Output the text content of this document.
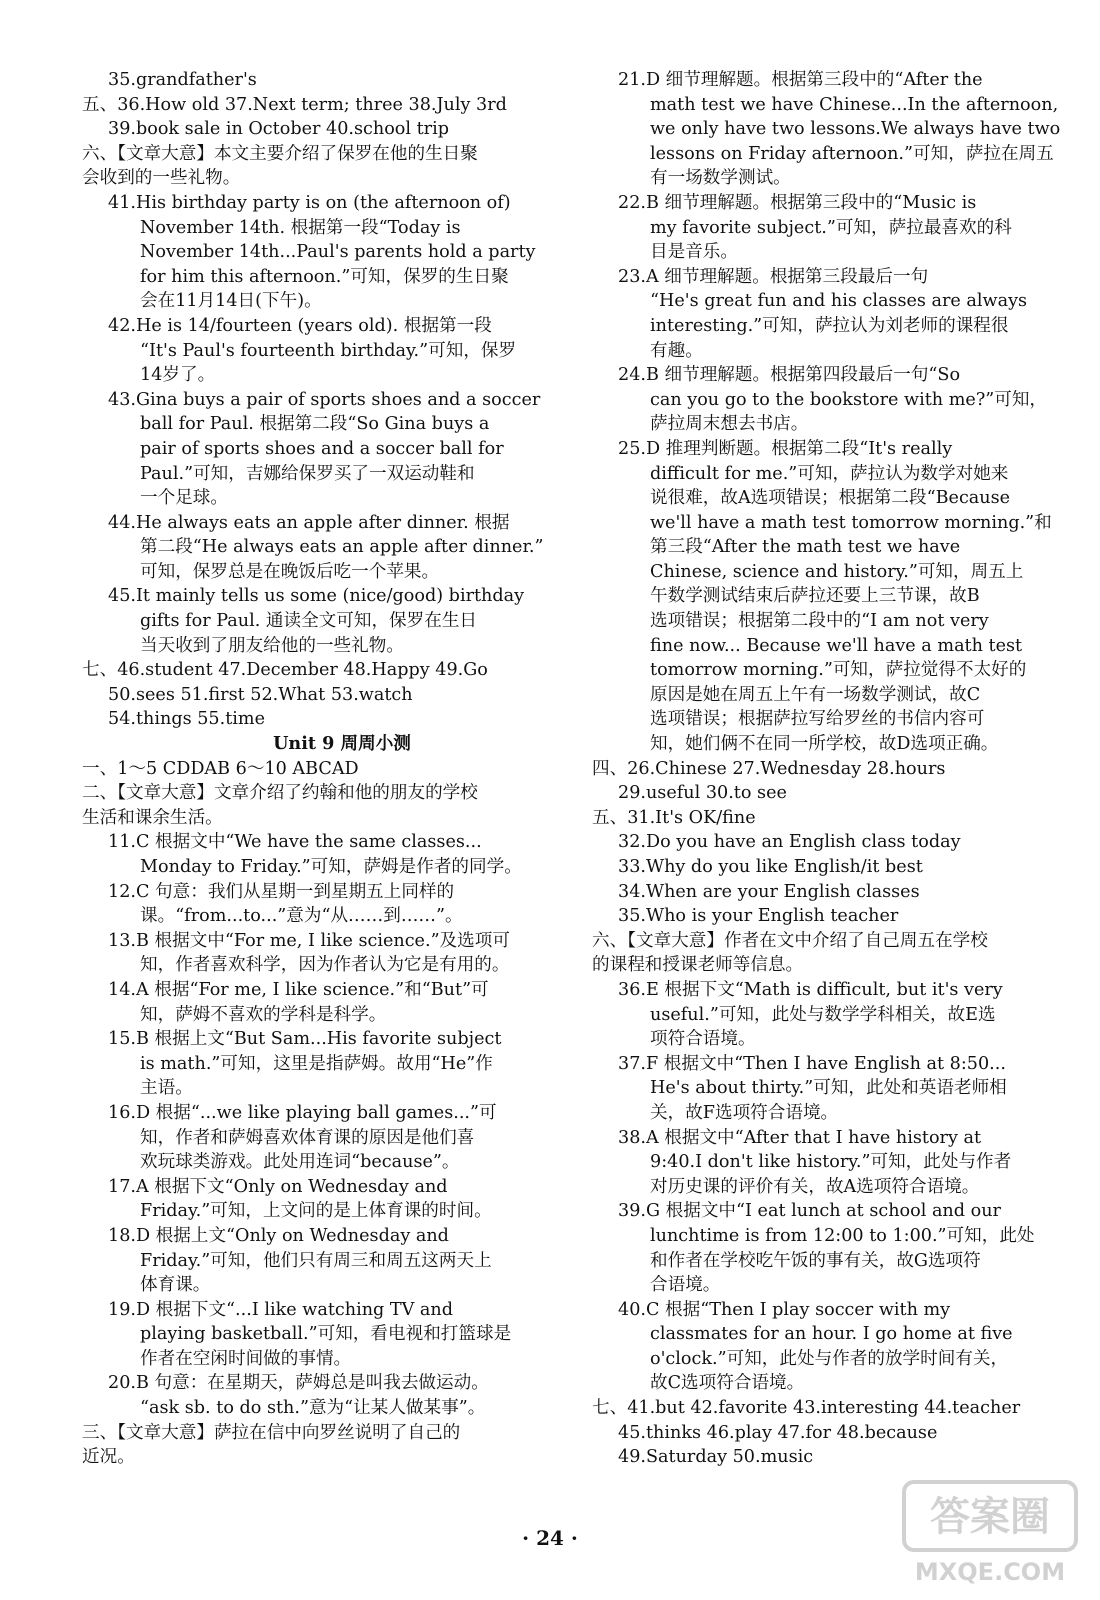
35.grandfather's
五、36.How old 37.Next term; three 38.July 3rd
39.book sale in October 40.school trip
六、【文章大意】本文主要介绍了保罗在他的生日聚
会收到的一些礼物。
41.His birthday party is on (the afternoon of)
November 14th. 根据第一段“Today is
November 14th...Paul's parents hold a party
for him this afternoon.”可知，保罗的生日聚
会在11月14日(下午)。
42.He is 14/fourteen (years old). 根据第一段
“It's Paul's fourteenth birthday.”可知，保罗
14岁了。
43.Gina buys a pair of sports shoes and a soccer
ball for Paul. 根据第二段“So Gina buys a
pair of sports shoes and a soccer ball for
Paul.”可知，吉娜给保罗买了一双运动鞋和
一个足球。
44.He always eats an apple after dinner. 根据
第二段“He always eats an apple after dinner.”
可知，保罗总是在晚饭后吃一个苹果。
45.It mainly tells us some (nice/good) birthday
gifts for Paul. 通读全文可知，保罗在生日
当天收到了朋友给他的一些礼物。
七、46.student 47.December 48.Happy 49.Go
50.sees 51.first 52.What 53.watch
54.things 55.time
Unit 9 周周小测
一、1～5 CDDAB 6～10 ABCAD
二、【文章大意】文章介绍了约翰和他的朋友的学校
生活和课余生活。
11.C 根据文中“We have the same classes...
Monday to Friday.”可知，萨姆是作者的同学。
12.C 句意：我们从星期一到星期五上同样的
课。“from...to...”意为“从……到……”。
13.B 根据文中“For me, I like science.”及选项可
知，作者喜欢科学，因为作者认为它是有用的。
14.A 根据“For me, I like science.”和“But”可
知，萨姆不喜欢的学科是科学。
15.B 根据上文“But Sam...His favorite subject
is math.”可知，这里是指萨姆。故用“He”作
主语。
16.D 根据“...we like playing ball games...”可
知，作者和萨姆喜欢体育课的原因是他们喜
欢玩球类游戏。此处用连词“because”。
17.A 根据下文“Only on Wednesday and
Friday.”可知，上文问的是上体育课的时间。
18.D 根据上文“Only on Wednesday and
Friday.”可知，他们只有周三和周五这两天上
体育课。
19.D 根据下文“...I like watching TV and
playing basketball.”可知，看电视和打篮球是
作者在空闲时间做的事情。
20.B 句意：在星期天，萨姆总是叫我去做运动。
“ask sb. to do sth.”意为“让某人做某事”。
三、【文章大意】萨拉在信中向罗丝说明了自己的
近况。
21.D 细节理解题。根据第三段中的“After the
math test we have Chinese...In the afternoon,
we only have two lessons.We always have two
lessons on Friday afternoon.”可知，萨拉在周五
有一场数学测试。
22.B 细节理解题。根据第三段中的“Music is
my favorite subject.”可知，萨拉最喜欢的科
目是音乐。
23.A 细节理解题。根据第三段最后一句
“He's great fun and his classes are always
interesting.”可知，萨拉认为刘老师的课程很
有趣。
24.B 细节理解题。根据第四段最后一句“So
can you go to the bookstore with me?”可知，
萨拉周末想去书店。
25.D 推理判断题。根据第二段“It's really
difficult for me.”可知，萨拉认为数学对她来
说很难，故A选项错误；根据第二段“Because
we'll have a math test tomorrow morning.”和
第三段“After the math test we have
Chinese, science and history.”可知，周五上
午数学测试结束后萨拉还要上三节课，故B
选项错误；根据第二段中的“I am not very
fine now... Because we'll have a math test
tomorrow morning.”可知，萨拉觉得不太好的
原因是她在周五上午有一场数学测试，故C
选项错误；根据萨拉写给罗丝的书信内容可
知，她们俩不在同一所学校，故D选项正确。
四、26.Chinese 27.Wednesday 28.hours
29.useful 30.to see
五、31.It's OK/fine
32.Do you have an English class today
33.Why do you like English/it best
34.When are your English classes
35.Who is your English teacher
六、【文章大意】作者在文中介绍了自己周五在学校
的课程和授课老师等信息。
36.E 根据下文“Math is difficult, but it's very
useful.”可知，此处与数学学科相关，故E选
项符合语境。
37.F 根据文中“Then I have English at 8:50...
He's about thirty.”可知，此处和英语老师相
关，故F选项符合语境。
38.A 根据文中“After that I have history at
9:40.I don't like history.”可知，此处与作者
对历史课的评价有关，故A选项符合语境。
39.G 根据文中“I eat lunch at school and our
lunchtime is from 12:00 to 1:00.”可知，此处
和作者在学校吃午饭的事有关，故G选项符
合语境。
40.C 根据“Then I play soccer with my
classmates for an hour. I go home at five
o'clock.”可知，此处与作者的放学时间有关，
故C选项符合语境。
七、41.but 42.favorite 43.interesting 44.teacher
45.thinks 46.play 47.for 48.because
49.Saturday 50.music
· 24 ·	答案圈
MXQE.COM
